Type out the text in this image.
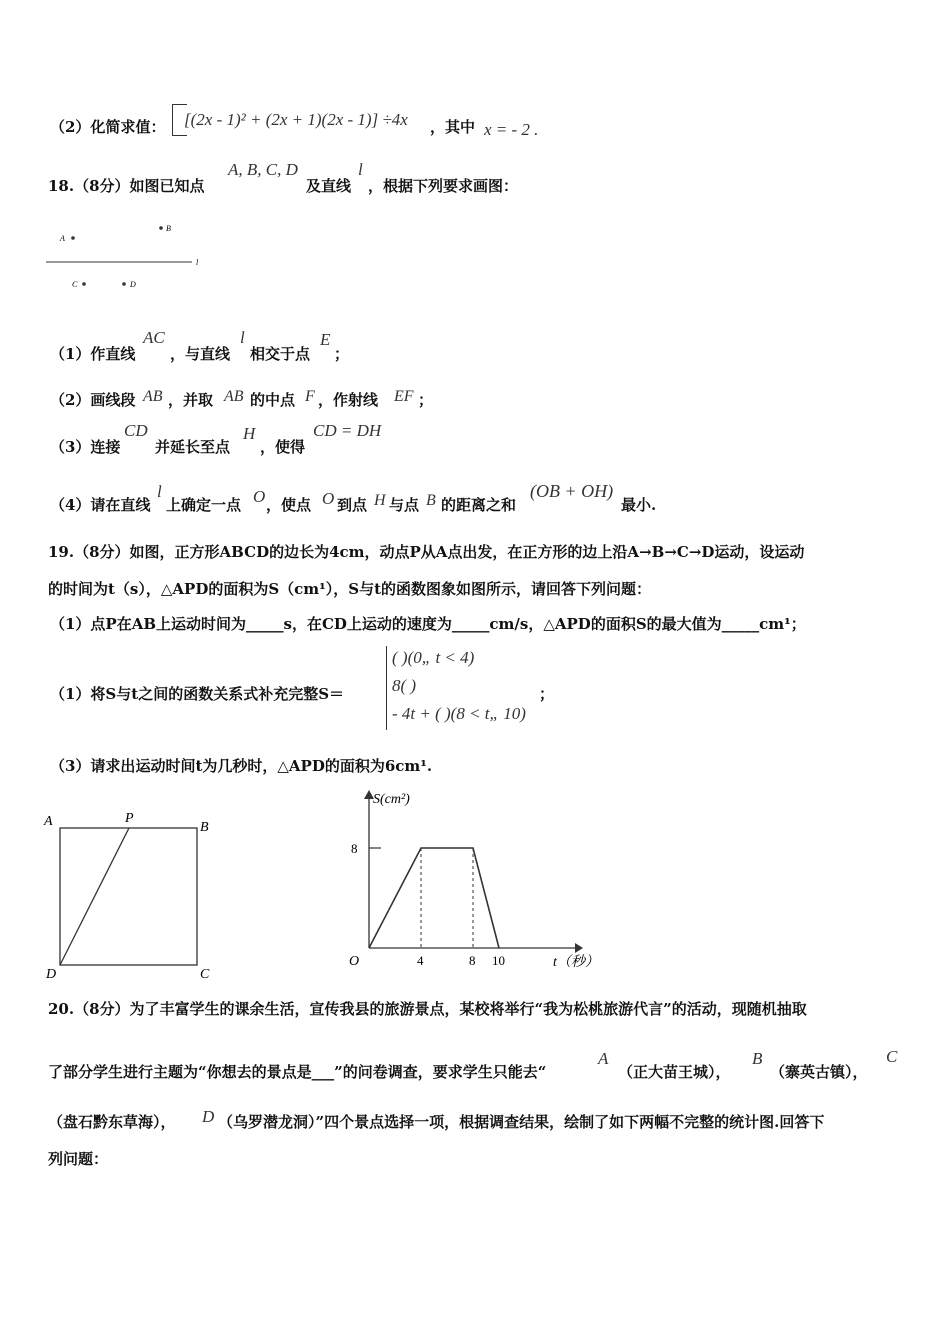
（2）化简求值： [(2x - 1)² + (2x + 1)(2x - 1)] ÷4x ，其中 x = - 2 .
18.（8分）如图已知点
A, B, C, D
及直线
l
，根据下列要求画图：
A
B
l
C	D
（1）作直线
AC
，与直线
l
相交于点
E
；
（2）画线段 AB ，并取 AB 的中点 F ，作射线 EF ；
（3）连接
CD
并延长至点
H
，使得
CD = DH
（4）请在直线
l
上确定一点 O ，使点 O 到点 H 与点 B 的距离之和
(OB + OH)
最小.
19.（8分）如图，正方形ABCD的边长为4cm，动点P从A点出发，在正方形的边上沿A→B→C→D运动，设运动
的时间为t（s），△APD的面积为S（cm¹），S与t的函数图象如图所示，请回答下列问题：
（1）点P在AB上运动时间为_____s，在CD上运动的速度为_____cm/s，△APD的面积S的最大值为_____cm¹；
（1）将S与t之间的函数关系式补充完整S＝
( )(0„ t < 4)
8( )
- 4t + ( )(8 < t„ 10)
；
（3）请求出运动时间t为几秒时，△APD的面积为6cm¹.
A	P
B
D	C
S(cm²)
t（秒）
O
8
4	8 10
20.（8分）为了丰富学生的课余生活，宣传我县的旅游景点，某校将举行“我为松桃旅游代言”的活动，现随机抽取
了部分学生进行主题为“你想去的景点是___”的问卷调查，要求学生只能去“
A
（正大苗王城），
B
（寨英古镇），
C
（盘石黔东草海）， D （乌罗潜龙洞）”四个景点选择一项，根据调查结果，绘制了如下两幅不完整的统计图.回答下
列问题：
